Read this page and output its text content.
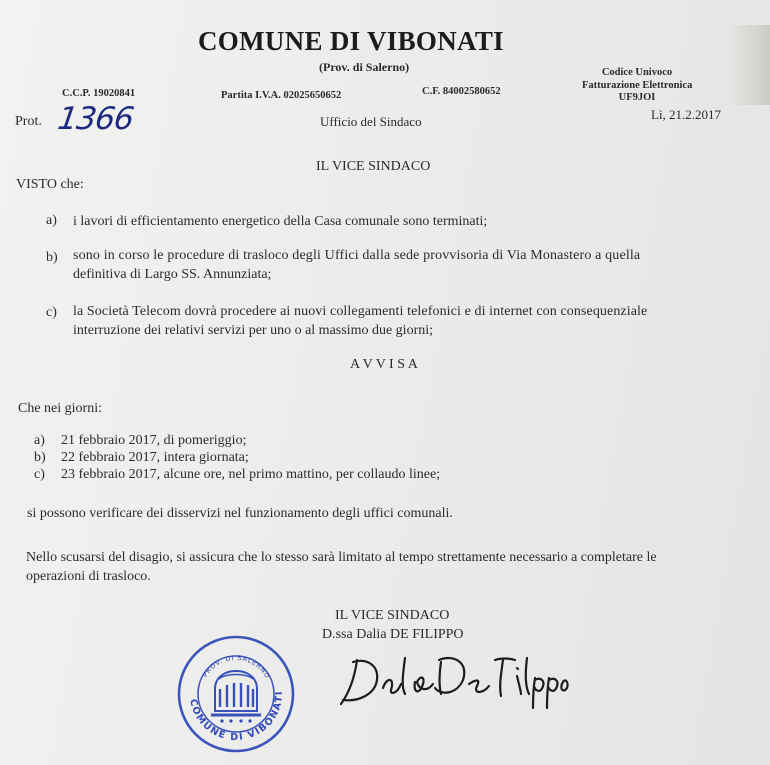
COMUNE DI VIBONATI
(Prov. di Salerno)
C.C.P. 19020841	Partita I.V.A. 02025650652	C.F. 84002580652
Codice Univoco
Fatturazione Elettronica
UF9JOI
Prot. 1366	Ufficio del Sindaco	Lì, 21.2.2017
IL VICE SINDACO
VISTO che:
a) i lavori di efficientamento energetico della Casa comunale sono terminati;
b) sono in corso le procedure di trasloco degli Uffici dalla sede provvisoria di Via Monastero a quella
definitiva di Largo SS. Annunziata;
c) la Società Telecom dovrà procedere ai nuovi collegamenti telefonici e di internet con consequenziale
interruzione dei relativi servizi per uno o al massimo due giorni;
A V V I S A
Che nei giorni:
a) 21 febbraio 2017, di pomeriggio;
b) 22 febbraio 2017, intera giornata;
c) 23 febbraio 2017, alcune ore, nel primo mattino, per collaudo linee;
si possono verificare dei disservizi nel funzionamento degli uffici comunali.
Nello scusarsi del disagio, si assicura che lo stesso sarà limitato al tempo strettamente necessario a completare le
operazioni di trasloco.
IL VICE SINDACO
D.ssa Dalia DE FILIPPO
COMUNE DI VIBONATI
PROV. DI SALERNO
